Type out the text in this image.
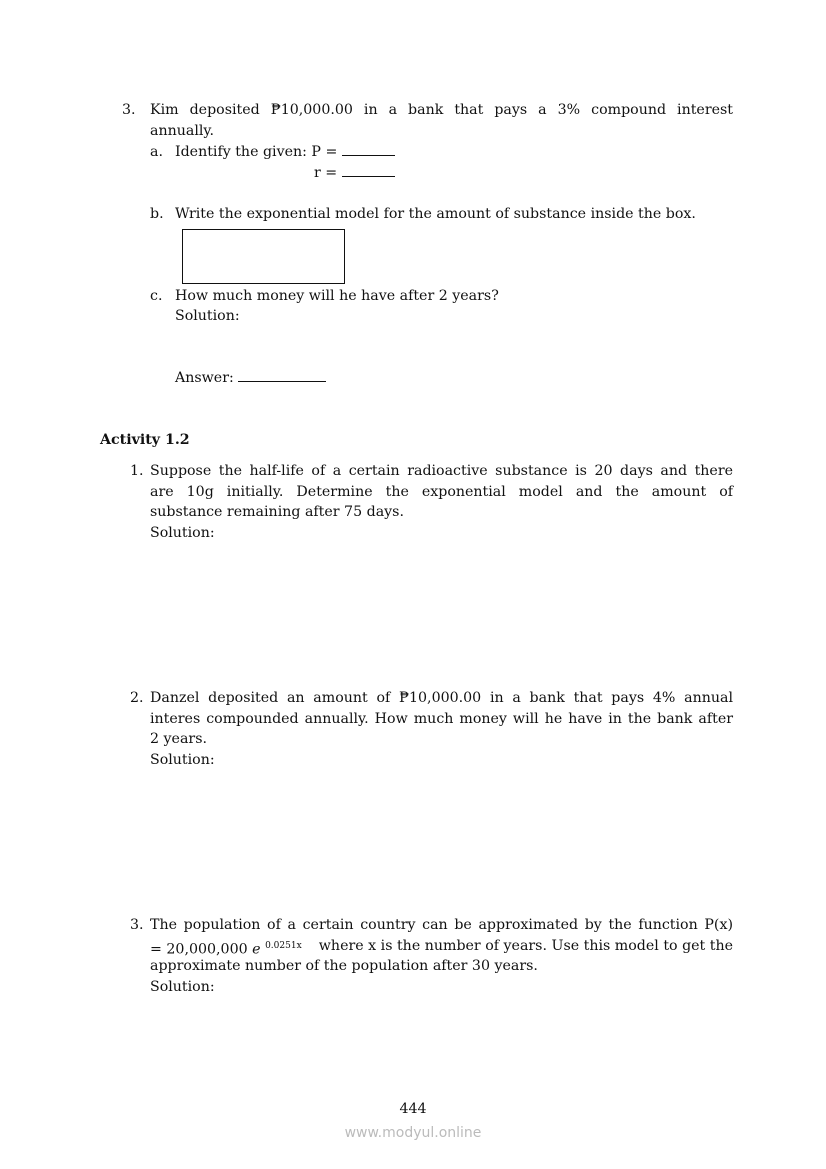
3. Kim deposited ₱10,000.00 in a bank that pays a 3% compound interest
annually.
a. Identify the given: P =
r =
b. Write the exponential model for the amount of substance inside the box.
c. How much money will he have after 2 years?
Solution:
Answer:
Activity 1.2
1. Suppose the half-life of a certain radioactive substance is 20 days and there
are 10g initially. Determine the exponential model and the amount of
substance remaining after 75 days.
Solution:
2. Danzel deposited an amount of ₱10,000.00 in a bank that pays 4% annual
interes compounded annually. How much money will he have in the bank after
2 years.
Solution:
3. The population of a certain country can be approximated by the function P(x)
= 20,000,000 e $^{0.0251x}$ where x is the number of years. Use this model to get the
approximate number of the population after 30 years.
Solution:
444
www.modyul.online
